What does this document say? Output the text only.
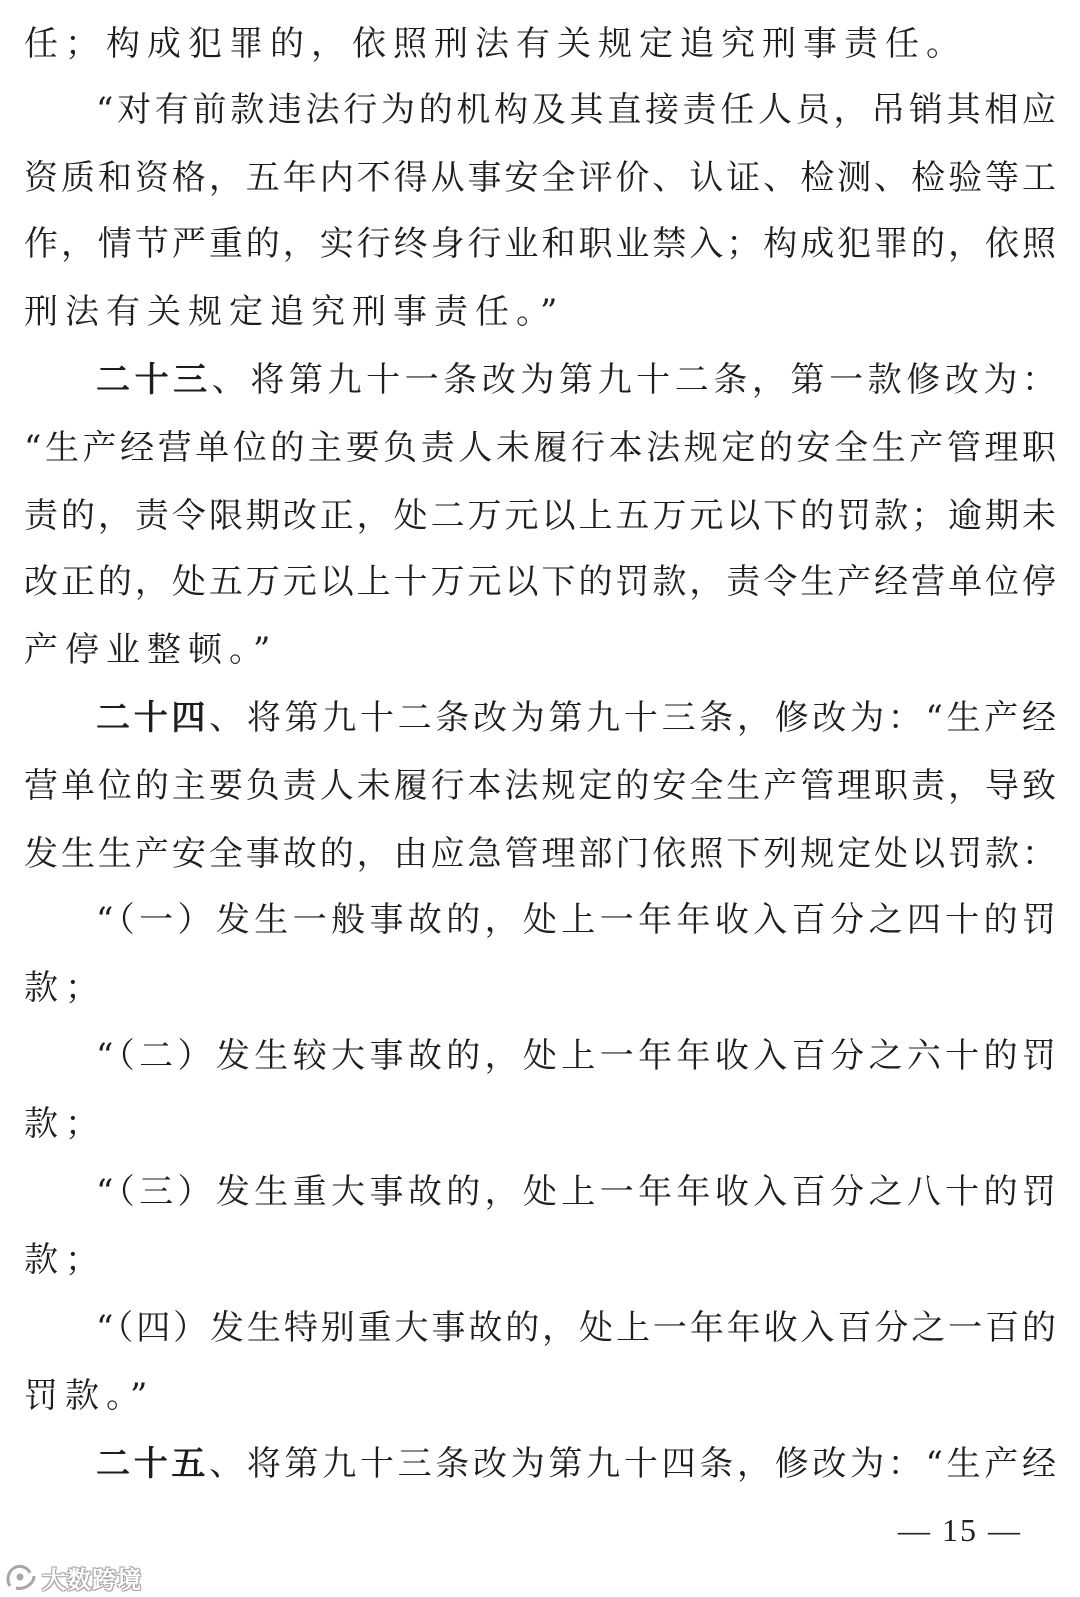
任；构成犯罪的，依照刑法有关规定追究刑事责任。
“对有前款违法行为的机构及其直接责任人员，吊销其相应
资质和资格，五年内不得从事安全评价、认证、检测、检验等工
作，情节严重的，实行终身行业和职业禁入；构成犯罪的，依照
刑法有关规定追究刑事责任。”
二十三、将第九十一条改为第九十二条，第一款修改为：
“生产经营单位的主要负责人未履行本法规定的安全生产管理职
责的，责令限期改正，处二万元以上五万元以下的罚款；逾期未
改正的，处五万元以上十万元以下的罚款，责令生产经营单位停
产停业整顿。”
二十四、将第九十二条改为第九十三条，修改为：“生产经
营单位的主要负责人未履行本法规定的安全生产管理职责，导致
发生生产安全事故的，由应急管理部门依照下列规定处以罚款：
“（一）发生一般事故的，处上一年年收入百分之四十的罚
款；
“（二）发生较大事故的，处上一年年收入百分之六十的罚
款；
“（三）发生重大事故的，处上一年年收入百分之八十的罚
款；
“（四）发生特别重大事故的，处上一年年收入百分之一百的
罚款。”
二十五、将第九十三条改为第九十四条，修改为：“生产经
— 15 —
大数跨境
